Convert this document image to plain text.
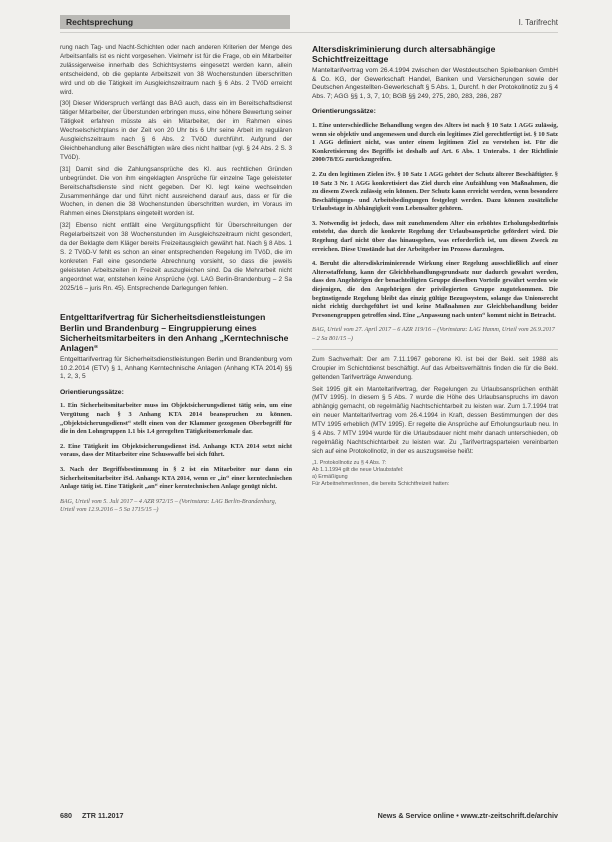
Rechtsprechung	I. Tarifrecht

rung nach Tag- und Nacht-Schichten oder nach anderen Kriterien der Menge des Arbeitsanfalls ist es nicht vorgesehen. Vielmehr ist für die Frage, ob ein Mitarbeiter zulässigerweise innerhalb des Schichtsystems eingesetzt werden kann, allein entscheidend, ob die geplante Arbeitszeit von 38 Wochenstunden überschritten wird und ob die Tätigkeit im Ausgleichszeitraum nach § 6 Abs. 2 TVöD erreicht wird.

[30] Dieser Widerspruch verfängt das BAG auch, dass ein im Bereitschaftsdienst tätiger Mitarbeiter, der Überstunden erbringen muss, eine höhere Bewertung seiner Tätigkeit erfahren müsste als ein Mitarbeiter, der im Rahmen eines Wechselschichtplans in der Zeit von 20 Uhr bis 6 Uhr seine Arbeit im regulären Ausgleichszeitraum nach § 6 Abs. 2 TVöD durchführt. Aufgrund der Gleichbehandlung aller Beschäftigten wäre dies nicht haltbar (vgl. § 24 Abs. 2 S. 3 TVöD).

[31] Damit sind die Zahlungsansprüche des Kl. aus rechtlichen Gründen unbegründet. Die von ihm eingeklagten Ansprüche für einzelne Tage geleisteter Bereitschaftsdienste sind nicht gegeben. Der Kl. legt keine wechselnden Zusammenhänge dar und führt nicht ausreichend darauf aus, dass er für die Wochen, in denen die 38 Wochenstunden überschritten wurden, im Voraus im Rahmen eines Dienstplans eingeteilt worden ist.

[32] Ebenso nicht entfällt eine Vergütungspflicht für Überschreitungen der Regelarbeitszeit von 38 Wochenstunden im Ausgleichszeitraum nicht gesondert, da der Beklagte dem Kläger bereits Freizeitausgleich gewährt hat. Nach § 8 Abs. 1 S. 2 TVöD-V fehlt es schon an einer entsprechenden Regelung im TVöD, die im konkreten Fall eine gesonderte Abrechnung vorsieht, so dass die jeweils geleisteten Arbeitszeiten in Freizeit auszugleichen sind. Da die Mehrarbeit nicht angeordnet war, entstehen keine Ansprüche (vgl. LAG Berlin-Brandenburg – 2 Sa 2025/16 – juris Rn. 45). Entsprechende Darlegungen fehlen.

Entgelttarifvertrag für Sicherheitsdienstleistungen Berlin und Brandenburg – Eingruppierung eines Sicherheitsmitarbeiters in den Anhang „Kerntechnische Anlagen“
Entgelttarifvertrag für Sicherheitsdienstleistungen Berlin und Brandenburg vom 10.2.2014 (ETV) § 1, Anhang Kerntechnische Anlagen (Anhang KTA 2014) §§ 1, 2, 3, 5
Orientierungssätze:
1. Ein Sicherheitsmitarbeiter muss im Objektsicherungsdienst tätig sein, um eine Vergütung nach § 3 Anhang KTA 2014 beanspruchen zu können. „Objektsicherungsdienst“ stellt einen von der Klammer gezogenen Oberbegriff für die in den Lohngruppen 1.1 bis 1.4 geregelten Tätigkeitsmerkmale dar.
2. Eine Tätigkeit im Objektsicherungsdienst iSd. Anhangs KTA 2014 setzt nicht voraus, dass der Mitarbeiter eine Schusswaffe bei sich führt.
3. Nach der Begriffsbestimmung in § 2 ist ein Mitarbeiter nur dann ein Sicherheitsmitarbeiter iSd. Anhangs KTA 2014, wenn er „in“ einer kerntechnischen Anlage tätig ist. Eine Tätigkeit „an“ einer kerntechnischen Anlage genügt nicht.
BAG, Urteil vom 5. Juli 2017 – 4 AZR 972/15 – (Vorinstanz: LAG Berlin-Brandenburg, Urteil vom 12.9.2016 – 5 Sa 1715/15 –)
Altersdiskriminierung durch altersabhängige Schichtfreizeittage
Manteltarifvertrag vom 26.4.1994 zwischen der Westdeutschen Spielbanken GmbH & Co. KG, der Gewerkschaft Handel, Banken und Versicherungen sowie der Deutschen Angestellten-Gewerkschaft § 5 Abs. 1, Durchf. h der Protokollnotiz zu § 4 Abs. 7; AGG §§ 1, 3, 7, 10; BGB §§ 249, 275, 280, 283, 286, 287
Orientierungssätze:
1. Eine unterschiedliche Behandlung wegen des Alters ist nach § 10 Satz 1 AGG zulässig, wenn sie objektiv und angemessen und durch ein legitimes Ziel gerechtfertigt ist. § 10 Satz 1 AGG definiert nicht, was unter einem legitimen Ziel zu verstehen ist. Für die Konkretisierung des Begriffs ist deshalb auf Art. 6 Abs. 1 Unterabs. 1 der Richtlinie 2000/78/EG zurückzugreifen.
2. Zu den legitimen Zielen iSv. § 10 Satz 1 AGG gehört der Schutz älterer Beschäftigter. § 10 Satz 3 Nr. 1 AGG konkretisiert das Ziel durch eine Aufzählung von Maßnahmen, die zu diesem Zweck zulässig sein können. Der Schutz kann erreicht werden, wenn besondere Beschäftigungs- und Arbeitsbedingungen festgelegt werden. Dazu können zusätzliche Urlaubstage in Abhängigkeit vom Lebensalter gehören.
3. Notwendig ist jedoch, dass mit zunehmendem Alter ein erhöhtes Erholungsbedürfnis entsteht, das durch die konkrete Regelung der Urlaubsansprüche gefördert wird. Die Regelung darf nicht über das hinausgehen, was erforderlich ist, um diesen Zweck zu erreichen. Diese Umstände hat der Arbeitgeber im Prozess darzulegen.
4. Beruht die altersdiskriminierende Wirkung einer Regelung ausschließlich auf einer Altersstaffelung, kann der Gleichbehandlungsgrundsatz nur dadurch gewahrt werden, dass den Angehörigen der benachteiligten Gruppe dieselben Vorteile gewährt werden wie diejenigen, die den Angehörigen der privilegierten Gruppe zugutekommen. Die begünstigende Regelung bleibt das einzig gültige Bezugssystem, solange das Unionsrecht nicht richtig durchgeführt ist und keine Maßnahmen zur Gleichbehandlung beider Personengruppen getroffen sind. Eine „Anpassung nach unten“ kommt nicht in Betracht.
BAG, Urteil vom 27. April 2017 – 6 AZR 119/16 – (Vorinstanz: LAG Hamm, Urteil vom 26.9.2017 – 2 Sa 801/15 –)

Zum Sachverhalt: Der am 7.11.1967 geborene Kl. ist bei der Bekl. seit 1988 als Croupier im Schichtdienst beschäftigt. Auf das Arbeitsverhältnis finden die für die Bekl. geltenden Tarifverträge Anwendung.

Seit 1995 gilt ein Manteltarifvertrag, der Regelungen zu Urlaubsansprüchen enthält (MTV 1995). In diesem § 5 Abs. 7 wurde die Höhe des Urlaubsanspruchs im davon abhängig gemacht, ob regelmäßig Nachtschichtarbeit zu leisten war. Zum 1.7.1994 trat ein neuer Manteltarifvertrag vom 26.4.1994 in Kraft, dessen Bestimmungen der des MTV 1995 erheblich (MTV 1995). Er regelte die Ansprüche auf Erholungsurlaub neu. In § 4 Abs. 7 MTV 1994 wurde für die Urlaubsdauer nicht mehr danach unterschieden, ob regelmäßig Nachtschichtarbeit zu leisten war. Zu „Tarifvertragsparteien vereinbarten sich auf eine Protokollnotiz, in der es auszugsweise heißt:

„1. Protokollnotiz zu § 4 Abs. 7:
Ab 1.1.1994 gilt die neue Urlaubstafel:
a) Ermäßigung
Für Arbeitnehmer/innen, die bereits Schichtfreizeit hatten:
680 ZTR 11.2017	News & Service online • www.ztr-zeitschrift.de/archiv
